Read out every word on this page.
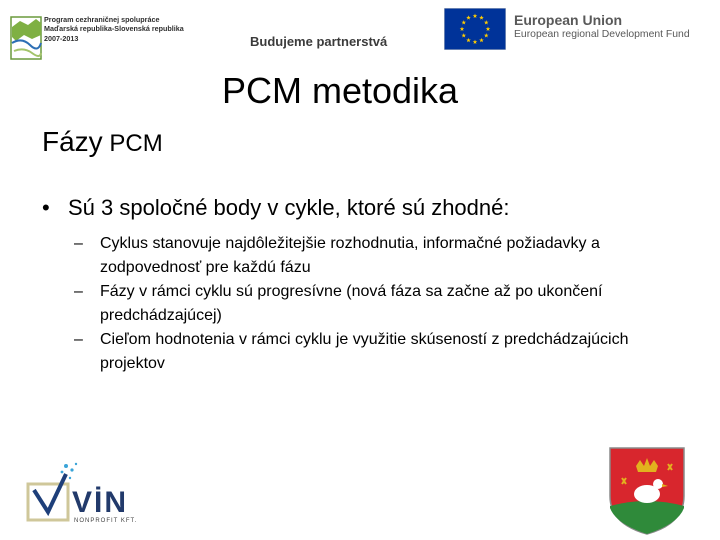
Program cezhraničnej spolupráce
Maďarská republika-Slovenská republika
2007-2013	Budujeme partnerstvá
European Union
European regional Development Fund
PCM metodika
Fázy PCM
• Sú 3 spoločné body v cykle, ktoré sú zhodné:

– Cyklus stanovuje najdôležitejšie rozhodnutia, informačné požiadavky a zodpovednosť pre každú fázu

– Fázy v rámci cyklu sú progresívne (nová fáza sa začne až po ukončení predchádzajúcej)

– Cieľom hodnotenia v rámci cyklu je využitie skúseností z predchádzajúcich projektov

VİN
NONPROFIT KFT.
